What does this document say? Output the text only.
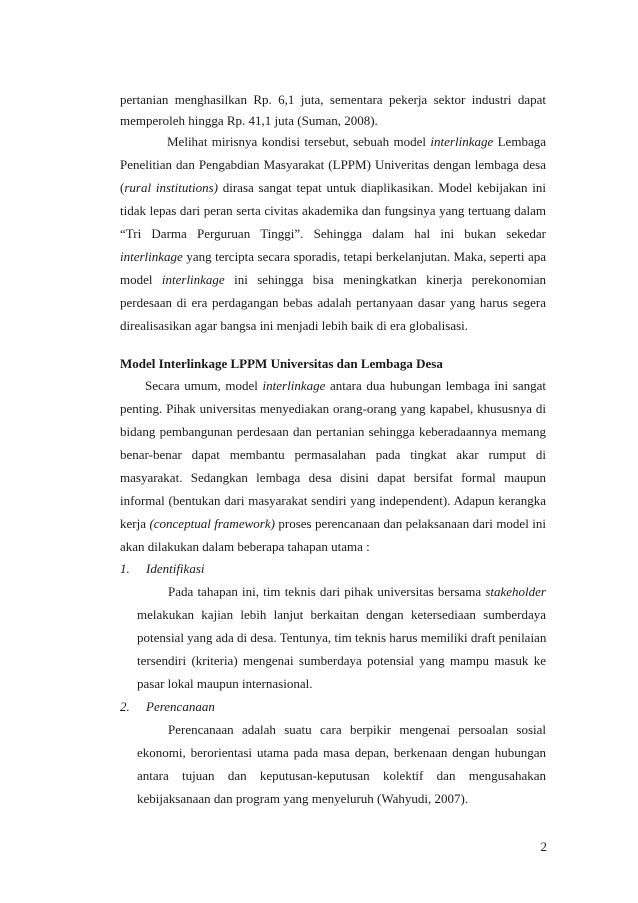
pertanian menghasilkan Rp. 6,1 juta, sementara pekerja sektor industri dapat
memperoleh hingga Rp. 41,1 juta (Suman, 2008).
Melihat mirisnya kondisi tersebut, sebuah model interlinkage Lembaga
Penelitian dan Pengabdian Masyarakat (LPPM) Univeritas dengan lembaga desa
(rural institutions) dirasa sangat tepat untuk diaplikasikan. Model kebijakan ini
tidak lepas dari peran serta civitas akademika dan fungsinya yang tertuang dalam
“Tri Darma Perguruan Tinggi”. Sehingga dalam hal ini bukan sekedar
interlinkage yang tercipta secara sporadis, tetapi berkelanjutan. Maka, seperti apa
model interlinkage ini sehingga bisa meningkatkan kinerja perekonomian
perdesaan di era perdagangan bebas adalah pertanyaan dasar yang harus segera
direalisasikan agar bangsa ini menjadi lebih baik di era globalisasi.
Model Interlinkage LPPM Universitas dan Lembaga Desa
Secara umum, model interlinkage antara dua hubungan lembaga ini sangat
penting. Pihak universitas menyediakan orang-orang yang kapabel, khususnya di
bidang pembangunan perdesaan dan pertanian sehingga keberadaannya memang
benar-benar dapat membantu permasalahan pada tingkat akar rumput di
masyarakat. Sedangkan lembaga desa disini dapat bersifat formal maupun
informal (bentukan dari masyarakat sendiri yang independent). Adapun kerangka
kerja (conceptual framework) proses perencanaan dan pelaksanaan dari model ini
akan dilakukan dalam beberapa tahapan utama :
1. Identifikasi
Pada tahapan ini, tim teknis dari pihak universitas bersama stakeholder
melakukan kajian lebih lanjut berkaitan dengan ketersediaan sumberdaya
potensial yang ada di desa. Tentunya, tim teknis harus memiliki draft penilaian
tersendiri (kriteria) mengenai sumberdaya potensial yang mampu masuk ke
pasar lokal maupun internasional.
2. Perencanaan
Perencanaan adalah suatu cara berpikir mengenai persoalan sosial
ekonomi, berorientasi utama pada masa depan, berkenaan dengan hubungan
antara tujuan dan keputusan-keputusan kolektif dan mengusahakan
kebijaksanaan dan program yang menyeluruh (Wahyudi, 2007).
2
